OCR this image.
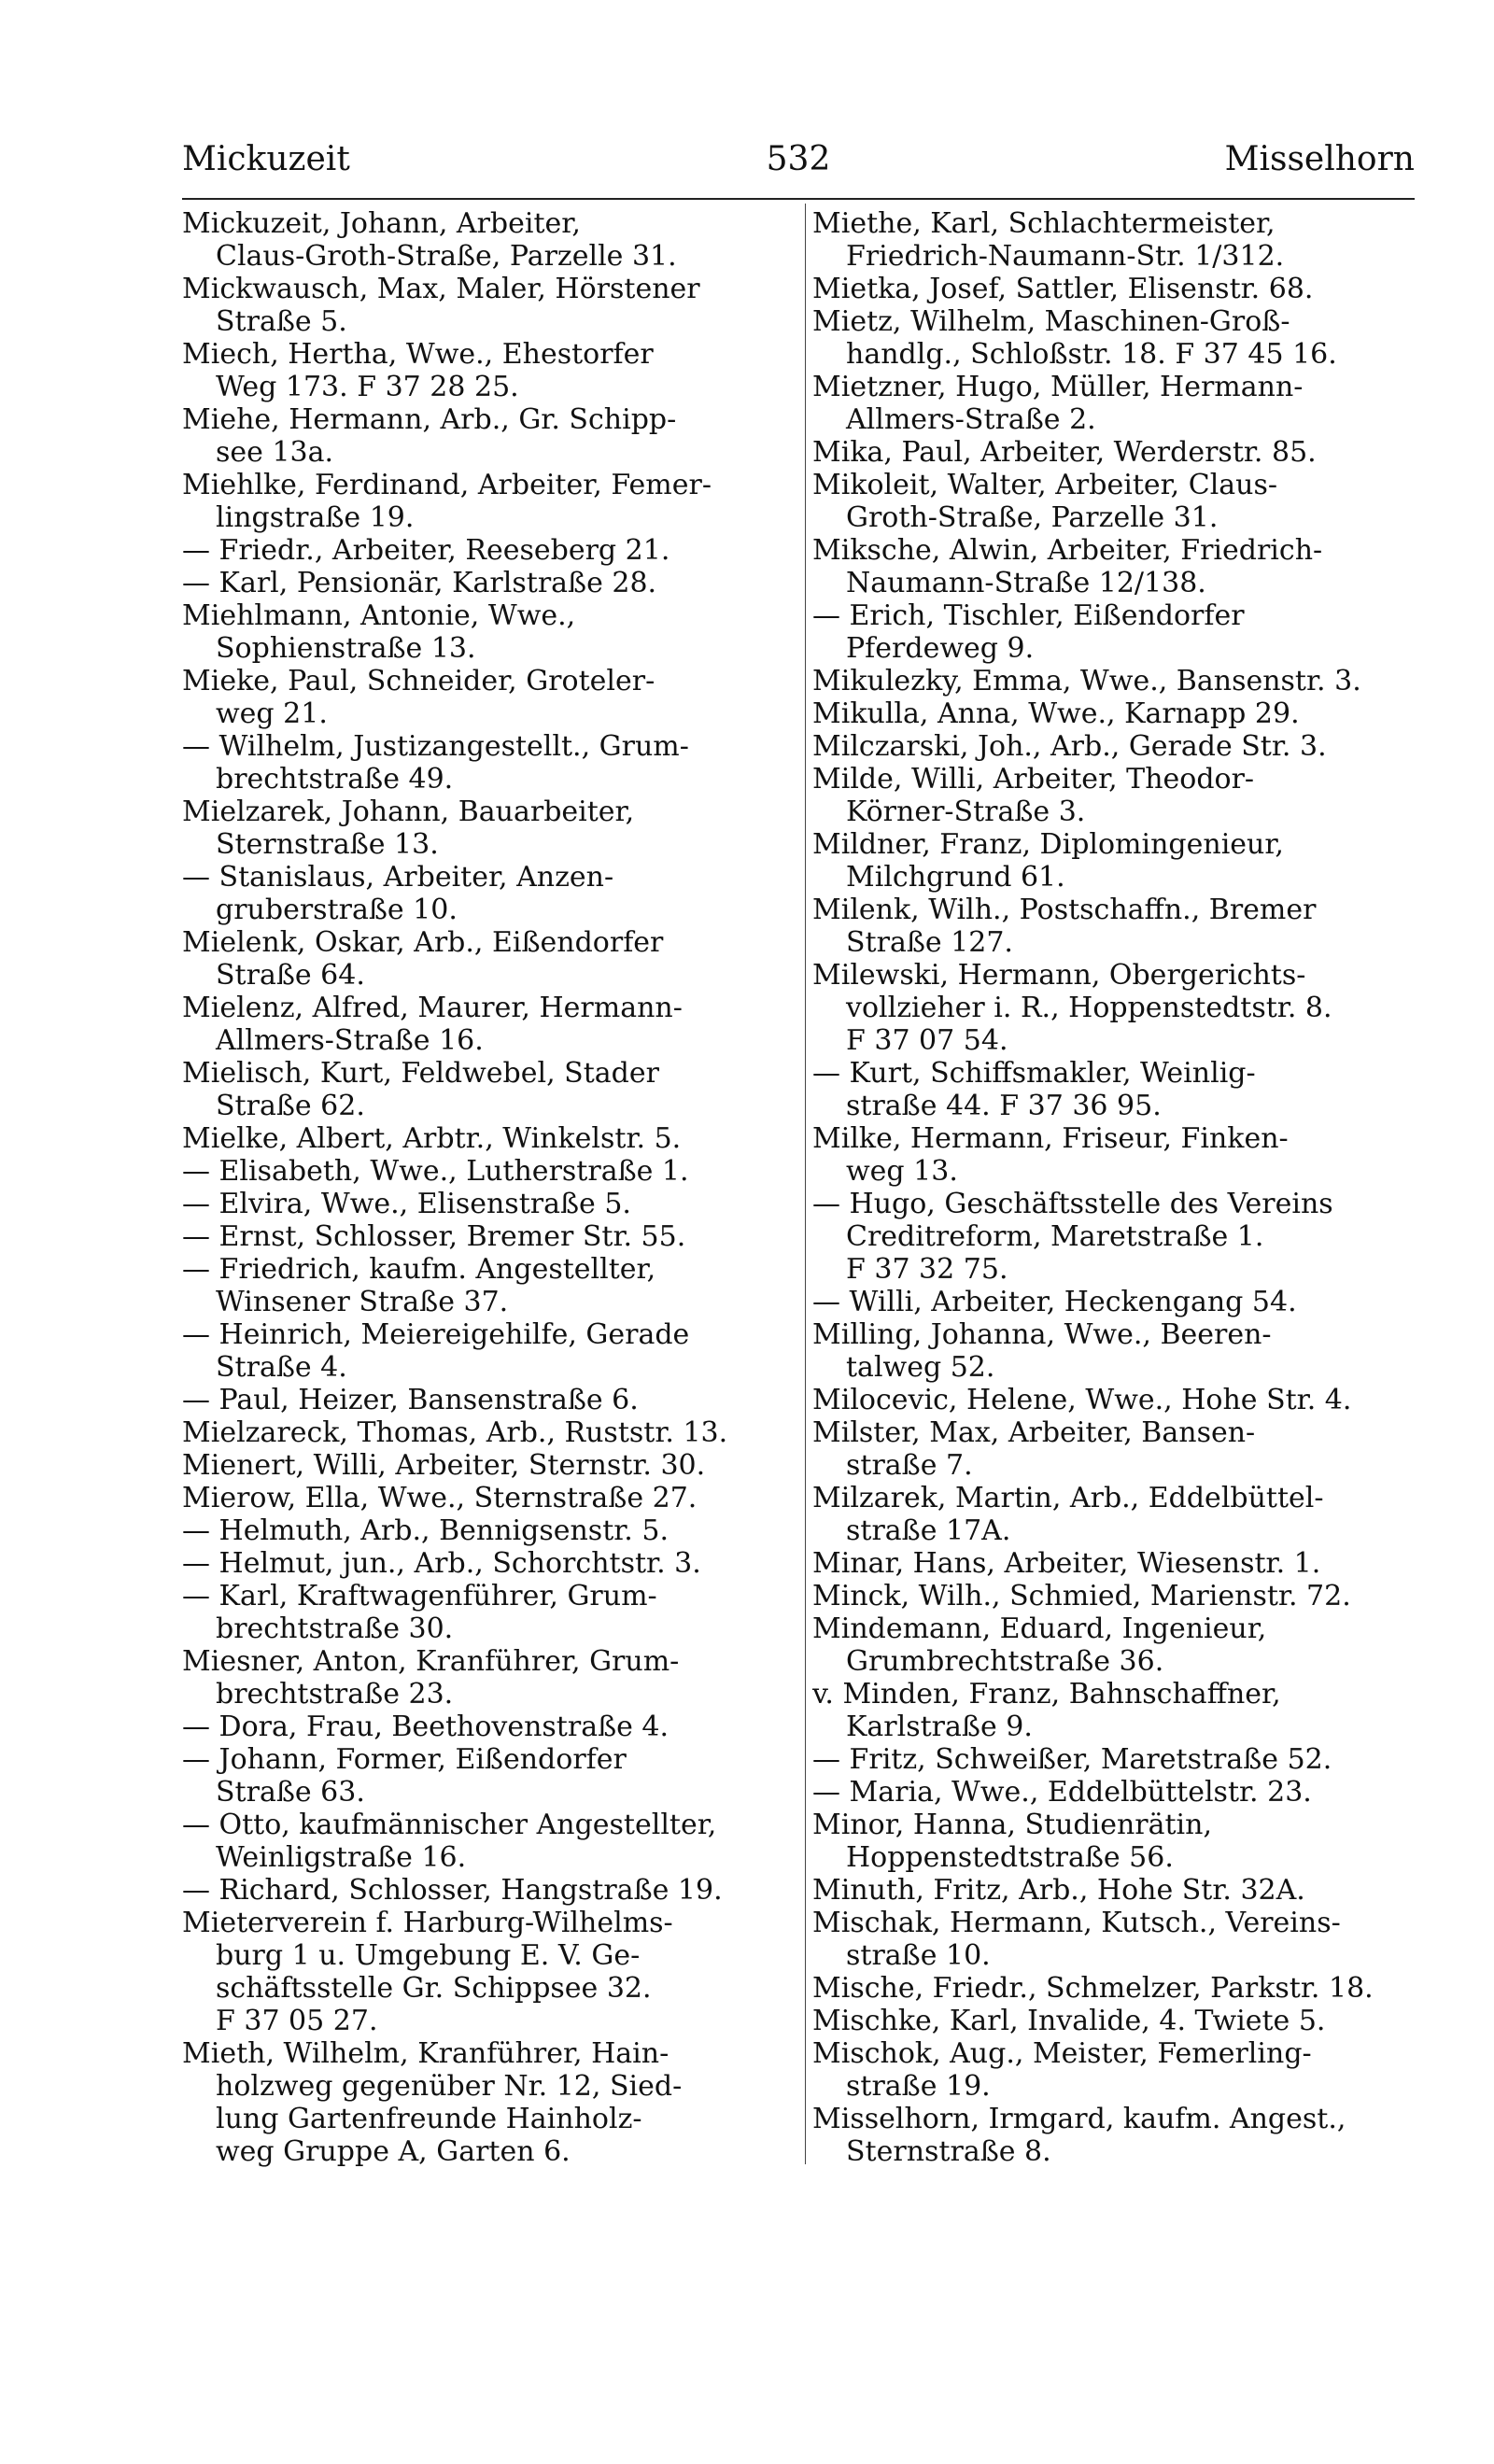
Mickuzeit	532	Misselhorn
Mickuzeit, Johann, Arbeiter,
Claus-Groth-Straße, Parzelle 31.
Mickwausch, Max, Maler, Hörstener
Straße 5.
Miech, Hertha, Wwe., Ehestorfer
Weg 173. F 37 28 25.
Miehe, Hermann, Arb., Gr. Schipp-
see 13a.
Miehlke, Ferdinand, Arbeiter, Femer-
lingstraße 19.
— Friedr., Arbeiter, Reeseberg 21.
— Karl, Pensionär, Karlstraße 28.
Miehlmann, Antonie, Wwe.,
Sophienstraße 13.
Mieke, Paul, Schneider, Groteler-
weg 21.
— Wilhelm, Justizangestellt., Grum-
brechtstraße 49.
Mielzarek, Johann, Bauarbeiter,
Sternstraße 13.
— Stanislaus, Arbeiter, Anzen-
gruberstraße 10.
Mielenk, Oskar, Arb., Eißendorfer
Straße 64.
Mielenz, Alfred, Maurer, Hermann-
Allmers-Straße 16.
Mielisch, Kurt, Feldwebel, Stader
Straße 62.
Mielke, Albert, Arbtr., Winkelstr. 5.
— Elisabeth, Wwe., Lutherstraße 1.
— Elvira, Wwe., Elisenstraße 5.
— Ernst, Schlosser, Bremer Str. 55.
— Friedrich, kaufm. Angestellter,
Winsener Straße 37.
— Heinrich, Meiereigehilfe, Gerade
Straße 4.
— Paul, Heizer, Bansenstraße 6.
Mielzareck, Thomas, Arb., Ruststr. 13.
Mienert, Willi, Arbeiter, Sternstr. 30.
Mierow, Ella, Wwe., Sternstraße 27.
— Helmuth, Arb., Bennigsenstr. 5.
— Helmut, jun., Arb., Schorchtstr. 3.
— Karl, Kraftwagenführer, Grum-
brechtstraße 30.
Miesner, Anton, Kranführer, Grum-
brechtstraße 23.
— Dora, Frau, Beethovenstraße 4.
— Johann, Former, Eißendorfer
Straße 63.
— Otto, kaufmännischer Angestellter,
Weinligstraße 16.
— Richard, Schlosser, Hangstraße 19.
Mieterverein f. Harburg-Wilhelms-
burg 1 u. Umgebung E. V. Ge-
schäftsstelle Gr. Schippsee 32.
F 37 05 27.
Mieth, Wilhelm, Kranführer, Hain-
holzweg gegenüber Nr. 12, Sied-
lung Gartenfreunde Hainholz-
weg Gruppe A, Garten 6.
Miethe, Karl, Schlachtermeister,
Friedrich-Naumann-Str. 1/312.
Mietka, Josef, Sattler, Elisenstr. 68.
Mietz, Wilhelm, Maschinen-Groß-
handlg., Schloßstr. 18. F 37 45 16.
Mietzner, Hugo, Müller, Hermann-
Allmers-Straße 2.
Mika, Paul, Arbeiter, Werderstr. 85.
Mikoleit, Walter, Arbeiter, Claus-
Groth-Straße, Parzelle 31.
Miksche, Alwin, Arbeiter, Friedrich-
Naumann-Straße 12/138.
— Erich, Tischler, Eißendorfer
Pferdeweg 9.
Mikulezky, Emma, Wwe., Bansenstr. 3.
Mikulla, Anna, Wwe., Karnapp 29.
Milczarski, Joh., Arb., Gerade Str. 3.
Milde, Willi, Arbeiter, Theodor-
Körner-Straße 3.
Mildner, Franz, Diplomingenieur,
Milchgrund 61.
Milenk, Wilh., Postschaffn., Bremer
Straße 127.
Milewski, Hermann, Obergerichts-
vollzieher i. R., Hoppenstedtstr. 8.
F 37 07 54.
— Kurt, Schiffsmakler, Weinlig-
straße 44. F 37 36 95.
Milke, Hermann, Friseur, Finken-
weg 13.
— Hugo, Geschäftsstelle des Vereins
Creditreform, Maretstraße 1.
F 37 32 75.
— Willi, Arbeiter, Heckengang 54.
Milling, Johanna, Wwe., Beeren-
talweg 52.
Milocevic, Helene, Wwe., Hohe Str. 4.
Milster, Max, Arbeiter, Bansen-
straße 7.
Milzarek, Martin, Arb., Eddelbüttel-
straße 17A.
Minar, Hans, Arbeiter, Wiesenstr. 1.
Minck, Wilh., Schmied, Marienstr. 72.
Mindemann, Eduard, Ingenieur,
Grumbrechtstraße 36.
v. Minden, Franz, Bahnschaffner,
Karlstraße 9.
— Fritz, Schweißer, Maretstraße 52.
— Maria, Wwe., Eddelbüttelstr. 23.
Minor, Hanna, Studienrätin,
Hoppenstedtstraße 56.
Minuth, Fritz, Arb., Hohe Str. 32A.
Mischak, Hermann, Kutsch., Vereins-
straße 10.
Mische, Friedr., Schmelzer, Parkstr. 18.
Mischke, Karl, Invalide, 4. Twiete 5.
Mischok, Aug., Meister, Femerling-
straße 19.
Misselhorn, Irmgard, kaufm. Angest.,
Sternstraße 8.
